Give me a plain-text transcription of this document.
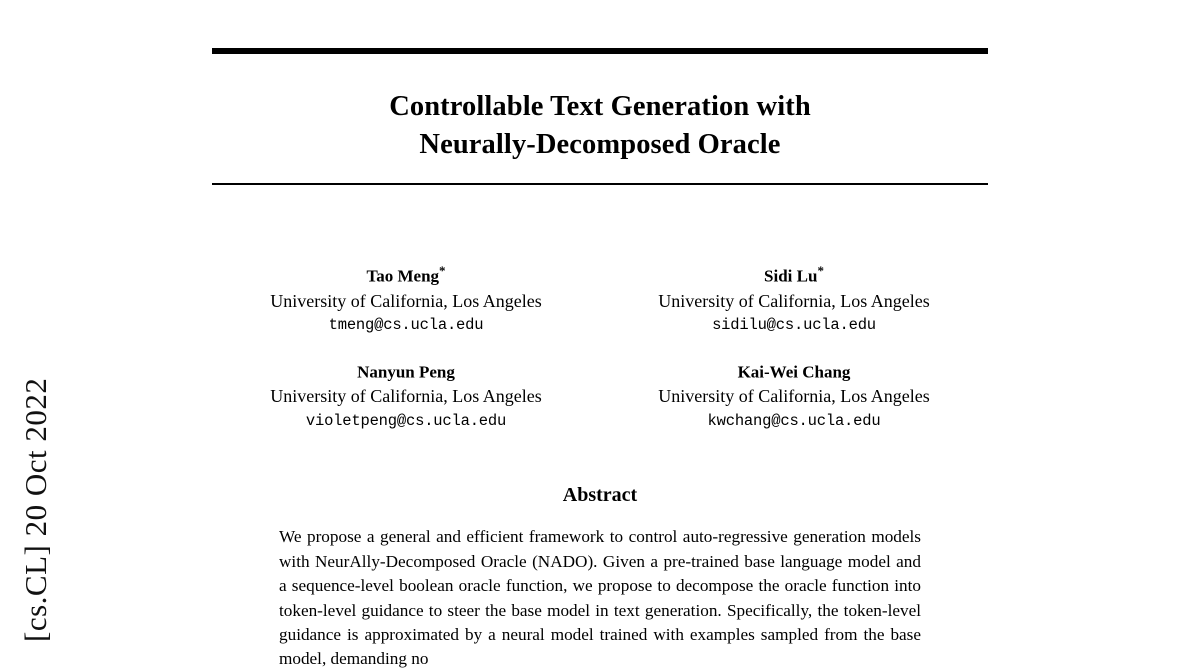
[cs.CL] 20 Oct 2022
Controllable Text Generation with
Neurally-Decomposed Oracle
Tao Meng*
University of California, Los Angeles
tmeng@cs.ucla.edu
Sidi Lu*
University of California, Los Angeles
sidilu@cs.ucla.edu
Nanyun Peng
University of California, Los Angeles
violetpeng@cs.ucla.edu
Kai-Wei Chang
University of California, Los Angeles
kwchang@cs.ucla.edu
Abstract
We propose a general and efficient framework to control auto-regressive generation models with NeurAlly-Decomposed Oracle (NADO). Given a pre-trained base language model and a sequence-level boolean oracle function, we propose to decompose the oracle function into token-level guidance to steer the base model in text generation. Specifically, the token-level guidance is approximated by a neural model trained with examples sampled from the base model, demanding no
